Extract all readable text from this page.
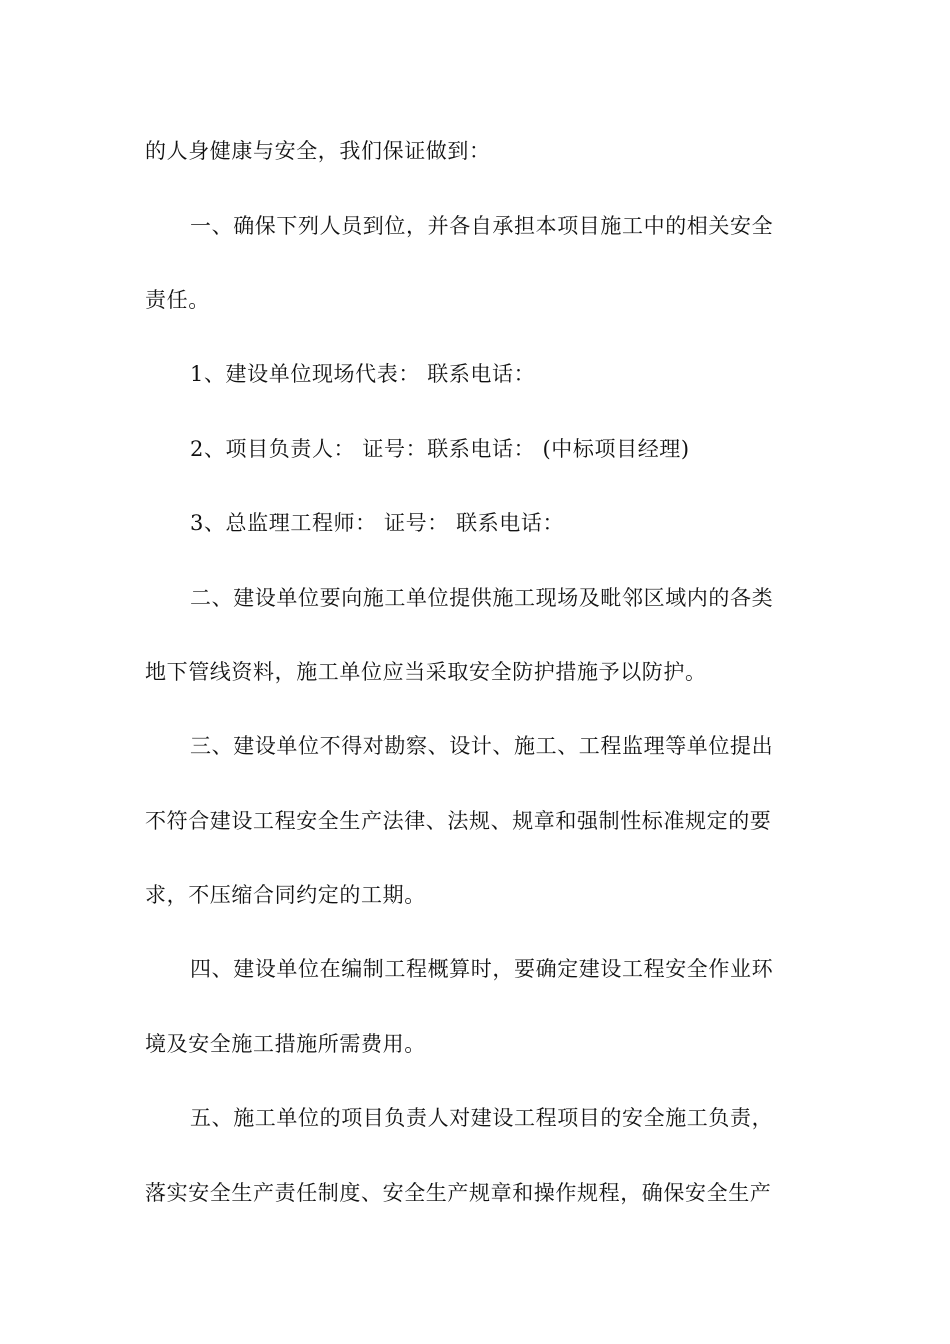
的人身健康与安全，我们保证做到：
一、确保下列人员到位，并各自承担本项目施工中的相关安全
责任。
1、建设单位现场代表： 联系电话：
2、项目负责人： 证号：联系电话： (中标项目经理)
3、总监理工程师： 证号： 联系电话：
二、建设单位要向施工单位提供施工现场及毗邻区域内的各类
地下管线资料，施工单位应当采取安全防护措施予以防护。
三、建设单位不得对勘察、设计、施工、工程监理等单位提出
不符合建设工程安全生产法律、法规、规章和强制性标准规定的要
求，不压缩合同约定的工期。
四、建设单位在编制工程概算时，要确定建设工程安全作业环
境及安全施工措施所需费用。
五、施工单位的项目负责人对建设工程项目的安全施工负责，
落实安全生产责任制度、安全生产规章和操作规程，确保安全生产
